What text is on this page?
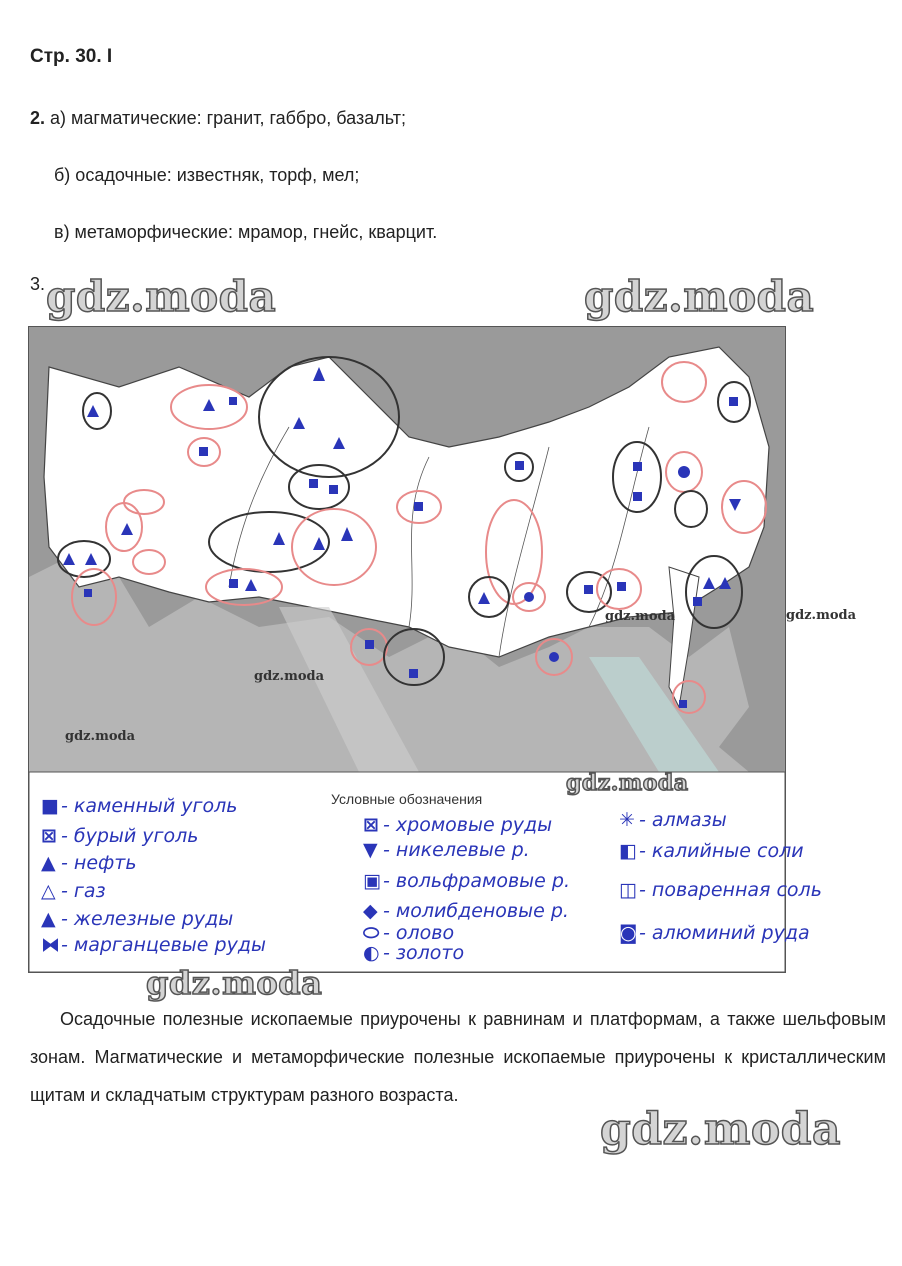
Стр. 30. I
2. а) магматические: гранит, габбро, базальт;
б) осадочные: известняк, торф, мел;
в) метаморфические: мрамор, гнейс, кварцит.
3. gdz.moda	gdz.moda
Условные обозначения
■ - каменный уголь
⊠ - бурый уголь
▲ - нефть
△ - газ
▲ - железные руды
⧓- марганцевые руды
⊠ - хромовые руды
▼ - никелевые р.
▣ - вольфрамовые р.
◆ - молибденовые р.
⬭ - олово
◐ - золото
✳ - алмазы
◧ - калийные соли
◫ - поваренная соль
◙- алюминий руда
gdz.moda
gdz.moda
gdz.moda
gdz.moda
gdz.moda
gdz.moda
Осадочные полезные ископаемые приурочены к равнинам и платформам, а также шельфовым зонам. Магматические и метаморфические полезные ископаемые приурочены к кристаллическим щитам и складчатым структурам разного возраста.
gdz.moda
